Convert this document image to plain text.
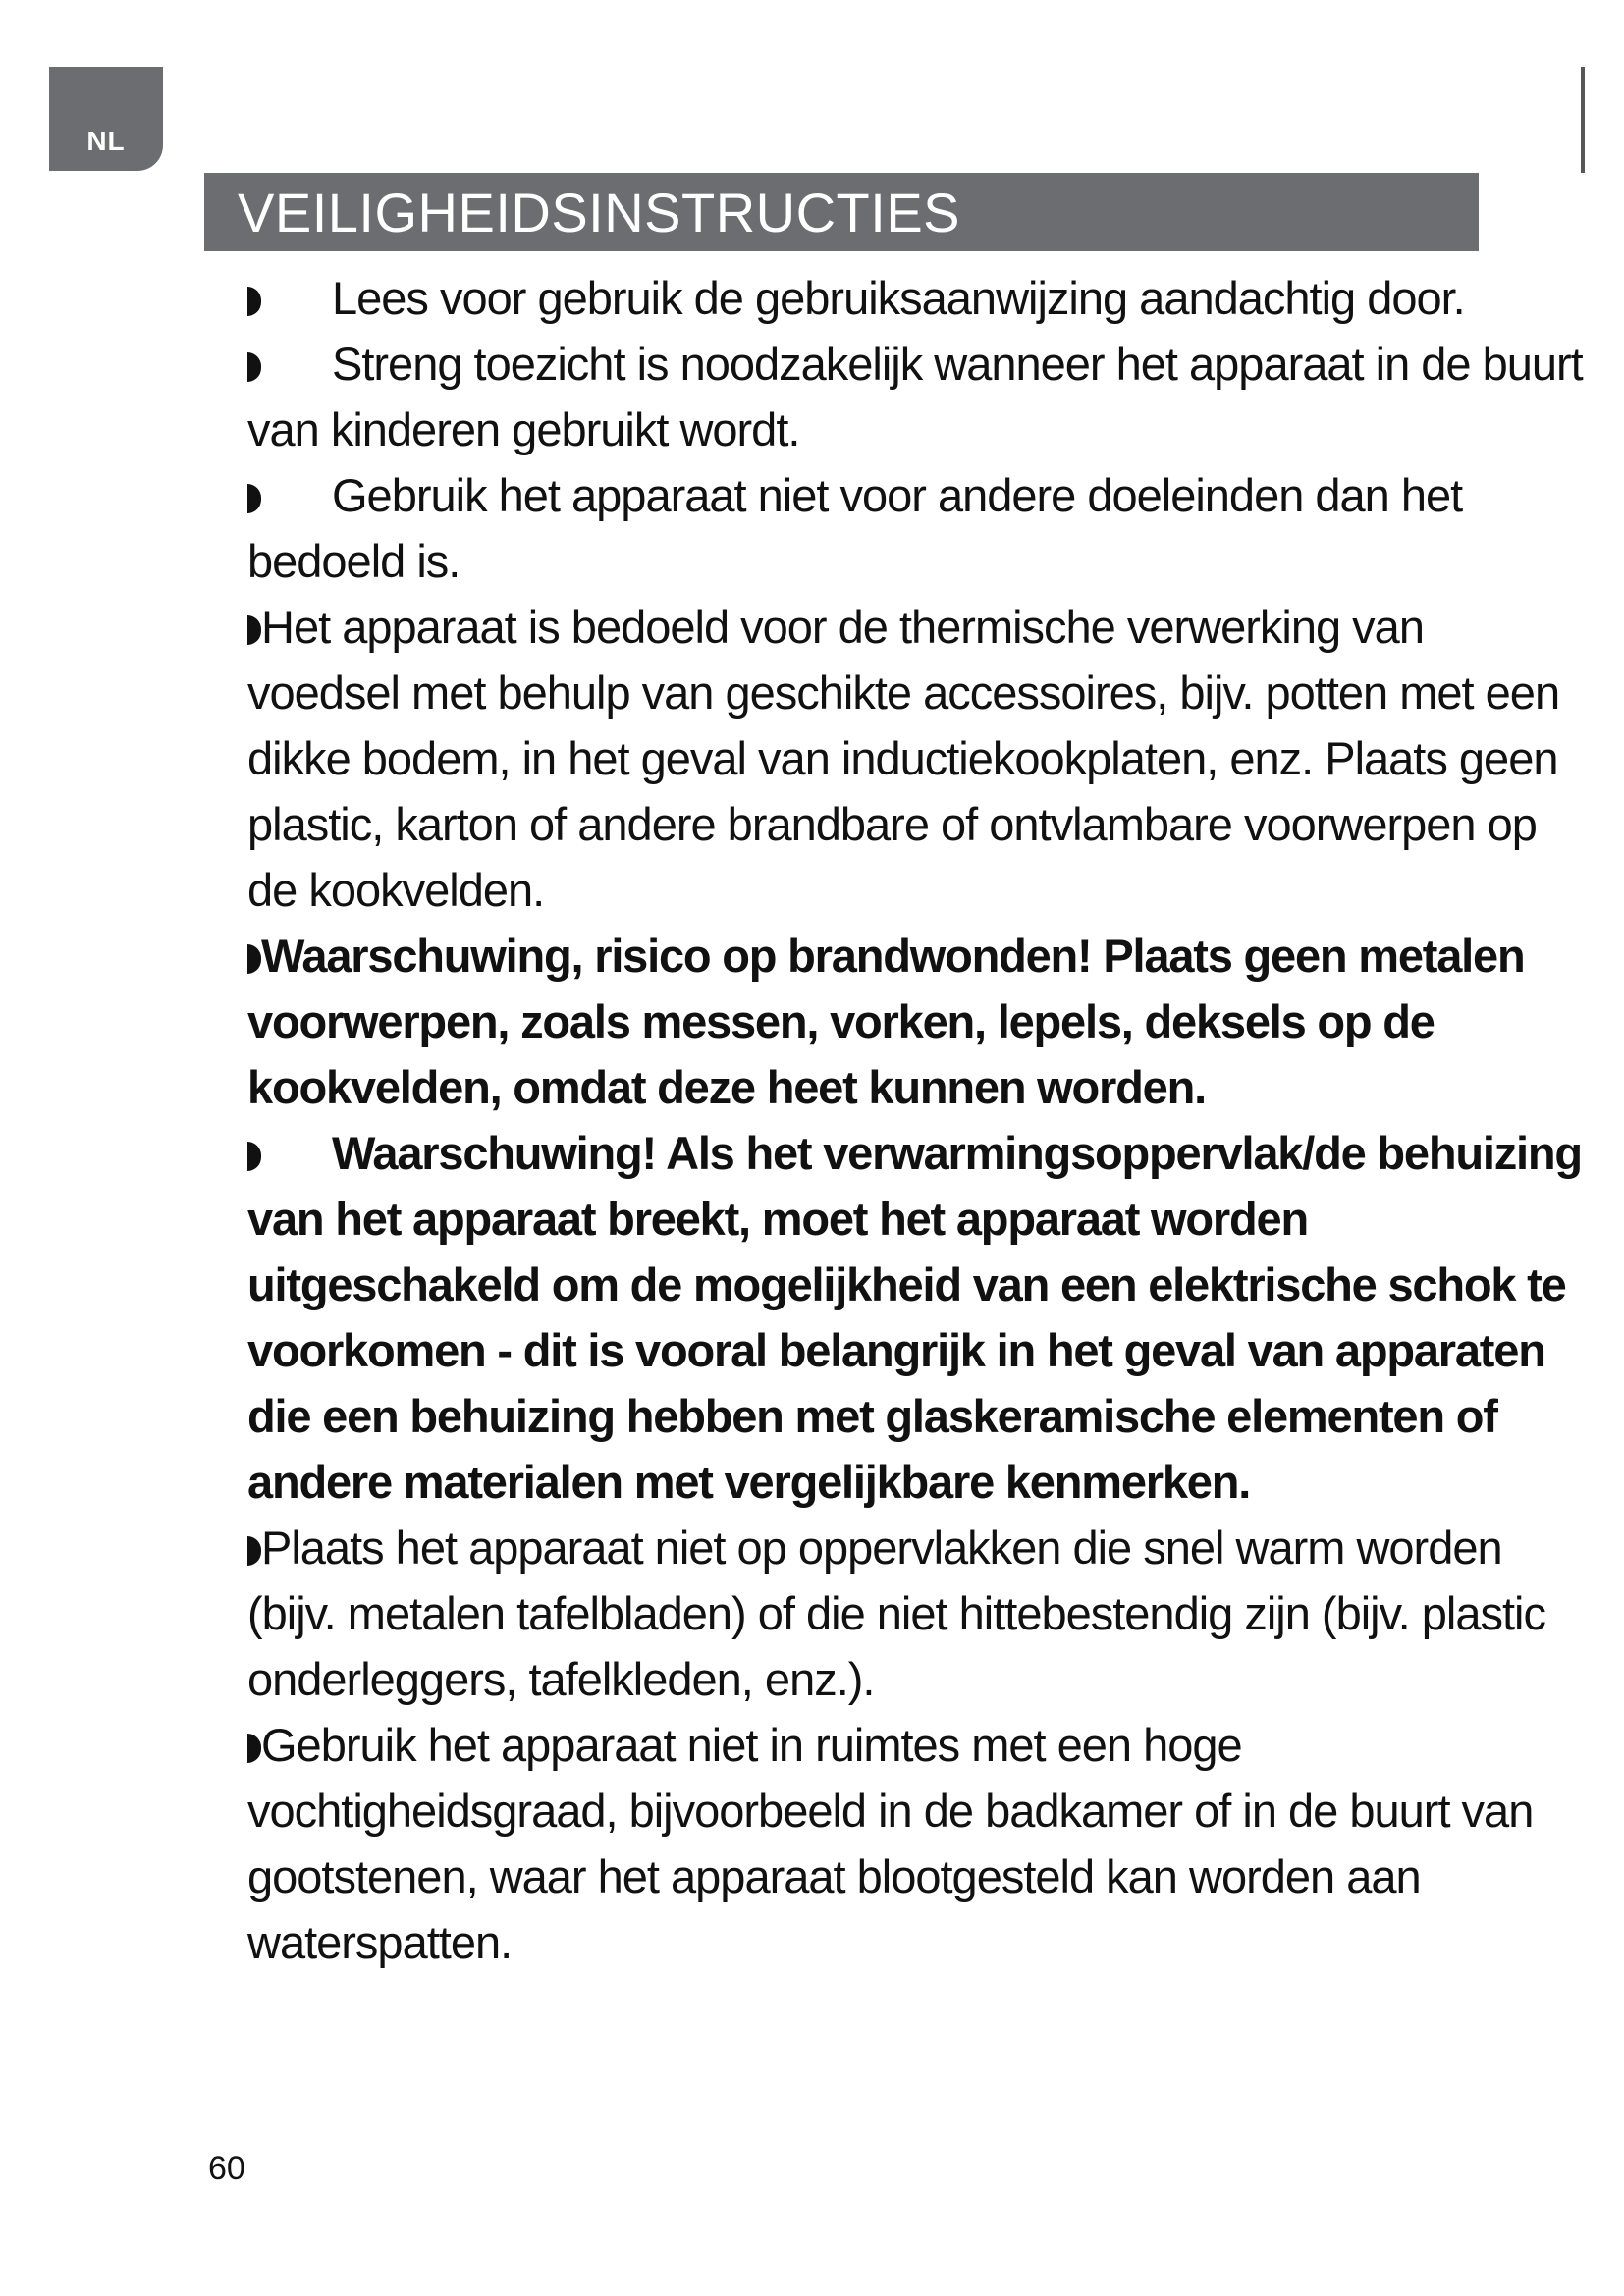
NL
VEILIGHEIDSINSTRUCTIES

Lees voor gebruik de gebruiksaanwijzing aandachtig door.

Streng toezicht is noodzakelijk wanneer het apparaat in de buurt van kinderen gebruikt wordt.

Gebruik het apparaat niet voor andere doeleinden dan het bedoeld is.

Het apparaat is bedoeld voor de thermische verwerking van voedsel met behulp van geschikte accessoires, bijv. potten met een dikke bodem, in het geval van inductiekookplaten, enz. Plaats geen plastic, karton of andere brandbare of ontvlambare voorwerpen op de kookvelden.

Waarschuwing, risico op brandwonden! Plaats geen metalen voorwerpen, zoals messen, vorken, lepels, deksels op de kookvelden, omdat deze heet kunnen worden.

Waarschuwing! Als het verwarmingsoppervlak/de behuizing van het apparaat breekt, moet het apparaat worden uitgeschakeld om de mogelijkheid van een elektrische schok te voorkomen - dit is vooral belangrijk in het geval van apparaten die een behuizing hebben met glaskeramische elementen of andere materialen met vergelijkbare kenmerken.

Plaats het apparaat niet op oppervlakken die snel warm worden (bijv. metalen tafelbladen) of die niet hittebestendig zijn (bijv. plastic onderleggers, tafelkleden, enz.).

Gebruik het apparaat niet in ruimtes met een hoge vochtigheidsgraad, bijvoorbeeld in de badkamer of in de buurt van gootstenen, waar het apparaat blootgesteld kan worden aan waterspatten.

60
